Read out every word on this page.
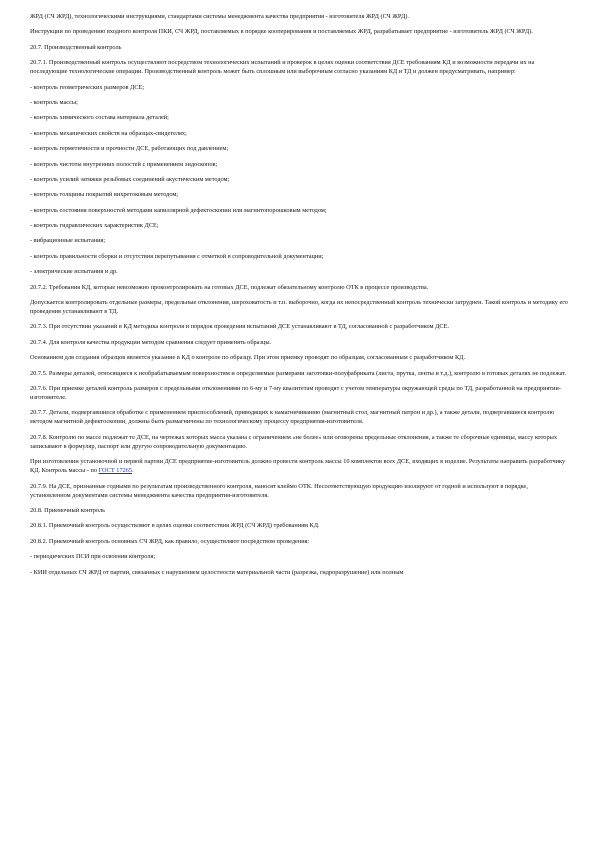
ЖРД (СЧ ЖРД), технологическими инструкциями, стандартами системы менеджмента качества предприятия - изготовителя ЖРД (СЧ ЖРД).

Инструкции по проведению входного контроля ПКИ, СЧ ЖРД, поставляемых в порядке кооперирования и поставляемых ЖРД, разрабатывает предприятие - изготовитель ЖРД (СЧ ЖРД).

20.7. Производственный контроль

20.7.1. Производственный контроль осуществляют посредством технологических испытаний и проверок в целях оценки соответствия ДСЕ требованиям КД и возможности передачи их на последующие технологические операции. Производственный контроль может быть сплошным или выборочным согласно указаниям КД и ТД и должен предусматривать, например:

- контроль геометрических размеров ДСЕ;

- контроль массы;

- контроль химического состава материала деталей;

- контроль механических свойств на образцах-свидетелях;

- контроль герметичности и прочности ДСЕ, работающих под давлением;

- контроль чистоты внутренних полостей с применением эндоскопов;

- контроль усилий затяжки резьбовых соединений акустическим методом;

- контроль толщины покрытий вихретоковым методом;

- контроль состояния поверхностей методами капиллярной дефектоскопии или магнитопорошковым методом;

- контроль гидравлических характеристик ДСЕ;

- вибрационные испытания;

- контроль правильности сборки и отсутствия перепутывания с отметкой в сопроводительной документации;

- электрические испытания и др.

20.7.2. Требования КД, которые невозможно проконтролировать на готовых ДСЕ, подлежат обязательному контролю ОТК в процессе производства.

Допускается контролировать отдельные размеры, предельные отклонения, шероховатость и т.п. выборочно, когда их непосредственный контроль технически затруднен. Такой контроль и методику его проведения устанавливают в ТД.

20.7.3. При отсутствии указаний в КД методика контроля и порядок проведения испытаний ДСЕ устанавливают в ТД, согласованной с разработчиком ДСЕ.

20.7.4. Для контроля качества продукции методом сравнения следует применять образцы.

Основанием для создания образцов является указание в КД о контроле по образцу. При этом приемку проводят по образцам, согласованным с разработчиком КД.

20.7.5. Размеры деталей, относящиеся к необрабатываемым поверхностям и определяемые размерами заготовки-полуфабриката (листа, прутка, ленты и т.д.), контролю в готовых деталях не подлежат.

20.7.6. При приемке деталей контроль размеров с предельными отклонениями по 6-му и 7-му квалитетам проводят с учетом температуры окружающей среды по ТД, разработанной на предприятии-изготовителе.

20.7.7. Детали, подвергавшиеся обработке с применением приспособлений, приводящих к намагничиванию (магнитный стол, магнитный патрон и др.), а также детали, подвергавшиеся контролю методом магнитной дефектоскопии, должны быть размагничены по технологическому процессу предприятия-изготовителя.

20.7.8. Контролю по массе подлежат те ДСЕ, на чертежах которых масса указана с ограничением «не более» или оговорены предельные отклонения, а также те сборочные единицы, массу которых записывают в формуляр, паспорт или другую сопроводительную документацию.

При изготовлении установочной и первой партии ДСЕ предприятие-изготовитель должно провести контроль массы 10 комплектов всех ДСЕ, входящих в изделие. Результаты направить разработчику КД. Контроль массы - по ГОСТ 17265.

20.7.9. На ДСЕ, признанные годными по результатам производственного контроля, наносят клеймо ОТК. Несоответствующую продукцию изолируют от годной и используют в порядке, установленном документами системы менеджмента качества предприятия-изготовителя.

20.8. Приемочный контроль

20.8.1. Приемочный контроль осуществляют в целях оценки соответствия ЖРД (СЧ ЖРД) требованиям КД.

20.8.2. Приемочный контроль основных СЧ ЖРД, как правило, осуществляют посредством проведения:

- периодических ПСИ при освоении контроля;

- КИИ отдельных СЧ ЖРД от партии, связанных с нарушением целостности материальной части (разрезка, гидроразрушение) или полным
